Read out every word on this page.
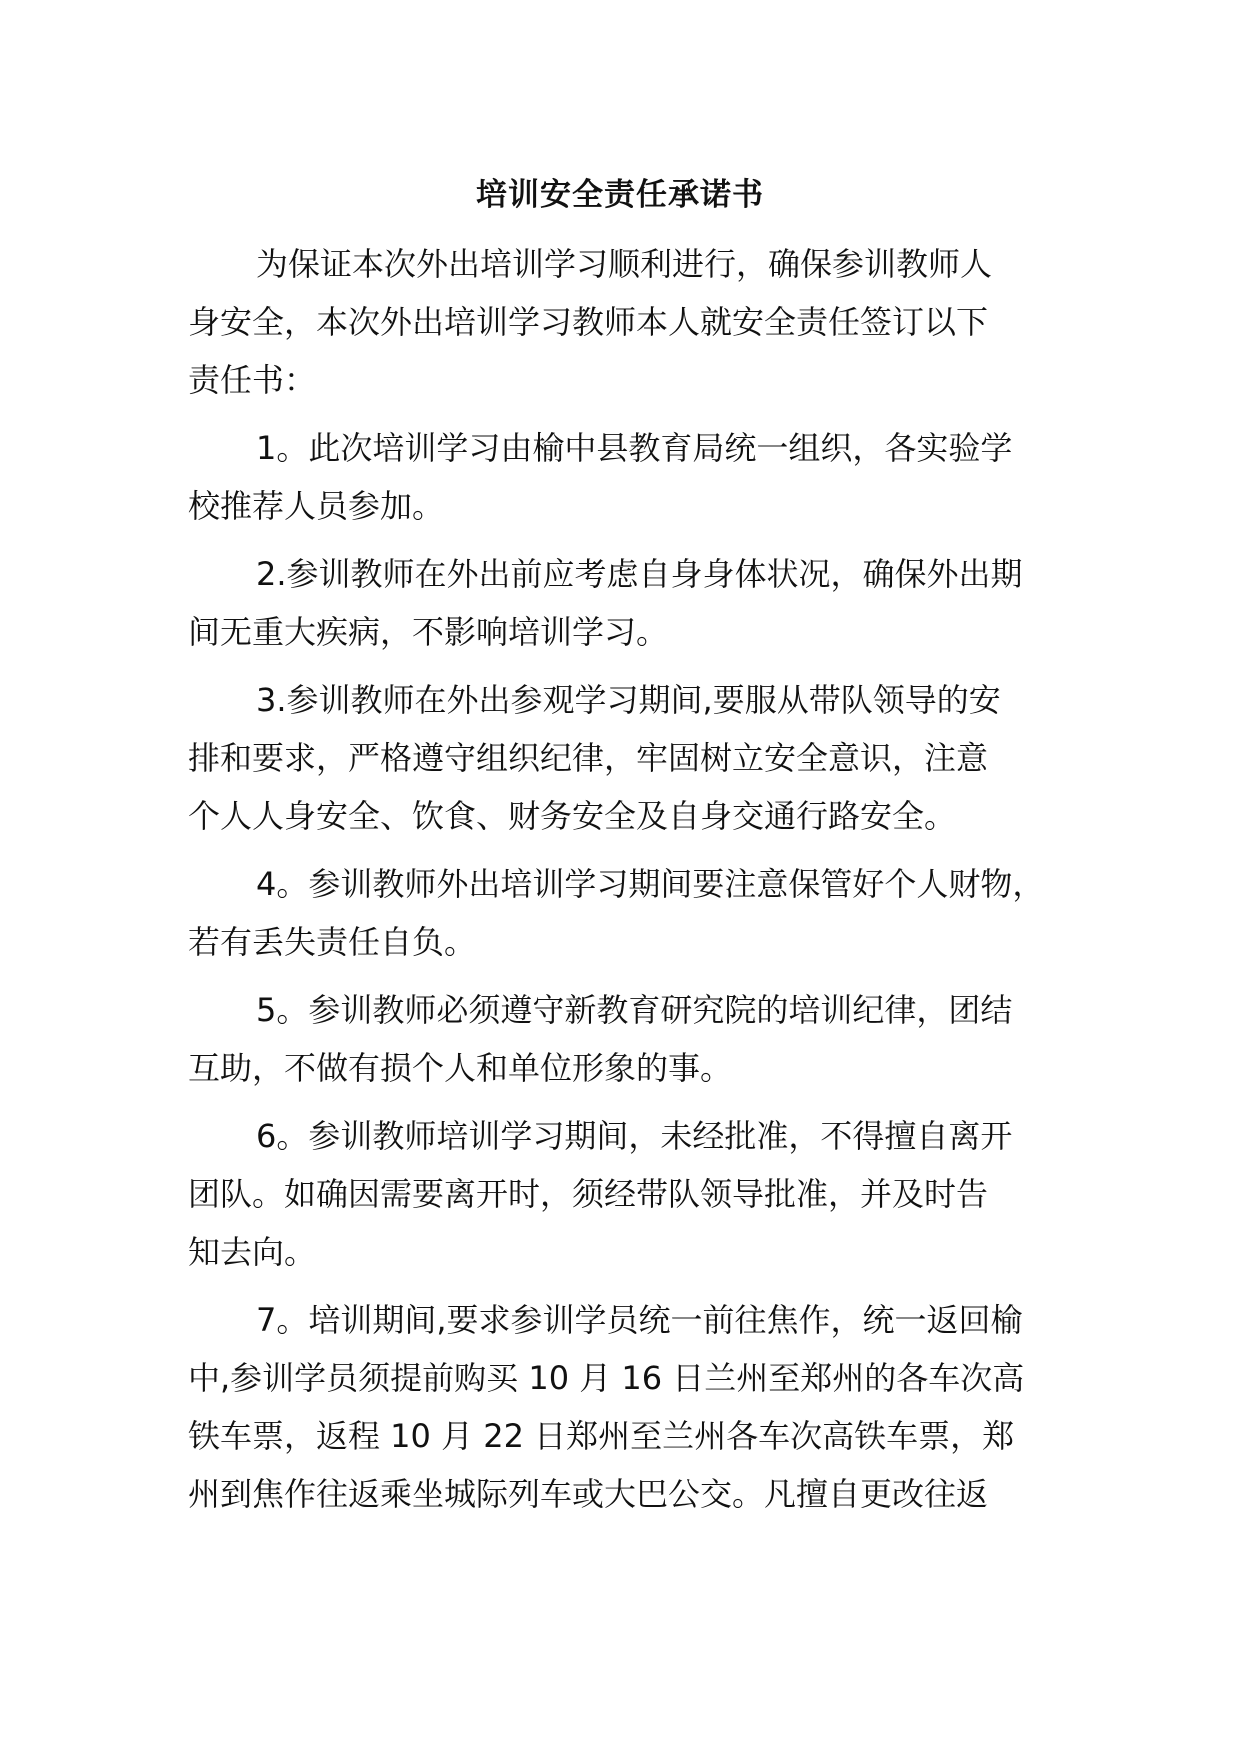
培训安全责任承诺书

为保证本次外出培训学习顺利进行，确保参训教师人

身安全，本次外出培训学习教师本人就安全责任签订以下

责任书：

1。此次培训学习由榆中县教育局统一组织，各实验学

校推荐人员参加。

2.参训教师在外出前应考虑自身身体状况，确保外出期

间无重大疾病，不影响培训学习。

3.参训教师在外出参观学习期间,要服从带队领导的安

排和要求，严格遵守组织纪律，牢固树立安全意识，注意

个人人身安全、饮食、财务安全及自身交通行路安全。

4。参训教师外出培训学习期间要注意保管好个人财物，

若有丢失责任自负。

5。参训教师必须遵守新教育研究院的培训纪律，团结

互助，不做有损个人和单位形象的事。

6。参训教师培训学习期间，未经批准，不得擅自离开

团队。如确因需要离开时，须经带队领导批准，并及时告

知去向。

7。培训期间,要求参训学员统一前往焦作，统一返回榆

中,参训学员须提前购买 10 月 16 日兰州至郑州的各车次高

铁车票，返程 10 月 22 日郑州至兰州各车次高铁车票，郑

州到焦作往返乘坐城际列车或大巴公交。凡擅自更改往返
